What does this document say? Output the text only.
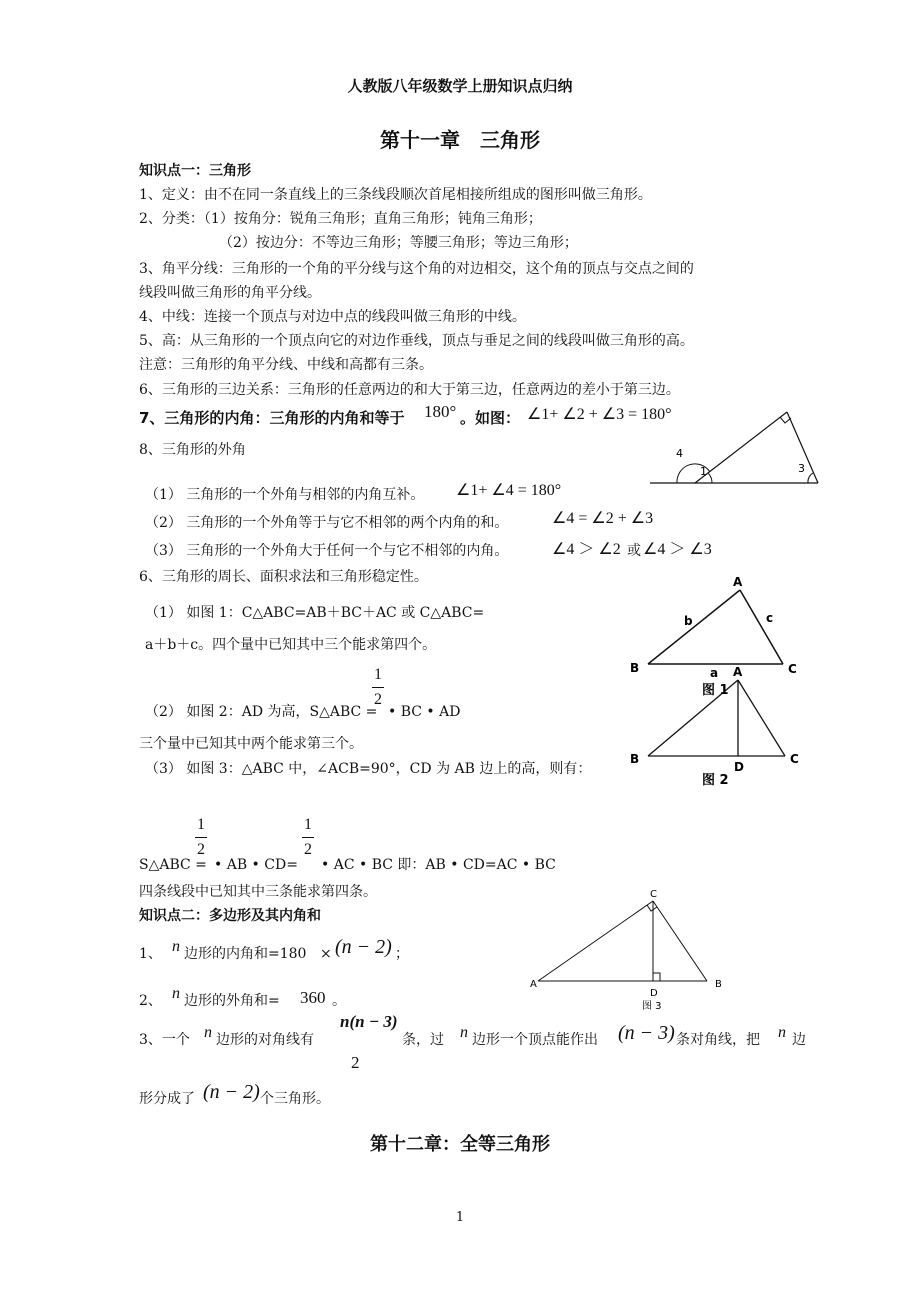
人教版八年级数学上册知识点归纳
第十一章　三角形
知识点一：三角形
1、定义：由不在同一条直线上的三条线段顺次首尾相接所组成的图形叫做三角形。
2、分类：（1）按角分：锐角三角形；直角三角形；钝角三角形；
（2）按边分：不等边三角形；等腰三角形；等边三角形；
3、角平分线：三角形的一个角的平分线与这个角的对边相交，这个角的顶点与交点之间的
线段叫做三角形的角平分线。
4、中线：连接一个顶点与对边中点的线段叫做三角形的中线。
5、高：从三角形的一个顶点向它的对边作垂线，顶点与垂足之间的线段叫做三角形的高。
注意：三角形的角平分线、中线和高都有三条。
6、三角形的三边关系：三角形的任意两边的和大于第三边，任意两边的差小于第三边。
7、三角形的内角：三角形的内角和等于 180° 。如图： ∠1+ ∠2 + ∠3 = 180°
8、三角形的外角
（1） 三角形的一个外角与相邻的内角互补。 ∠1+ ∠4 = 180°
（2） 三角形的一个外角等于与它不相邻的两个内角的和。	∠4 = ∠2 + ∠3
（3） 三角形的一个外角大于任何一个与它不相邻的内角。	∠4 ＞ ∠2 或 ∠4 ＞ ∠3
6、三角形的周长、面积求法和三角形稳定性。
（1） 如图 1：C△ABC=AB＋BC＋AC 或 C△ABC=
a＋b＋c。四个量中已知其中三个能求第四个。
（2） 如图 2：AD 为高，S△ABC =
1
2
• BC • AD
三个量中已知其中两个能求第三个。
（3） 如图 3：△ABC 中，∠ACB=90°，CD 为 AB 边上的高，则有：
S△ABC =
1
2
• AB • CD=
1
2
• AC • BC 即：AB • CD=AC • BC
四条线段中已知其中三条能求第四条。
知识点二：多边形及其内角和
1、 n 边形的内角和=180 × (n − 2) ；
2、 n 边形的外角和= 360 。
3、一个 n 边形的对角线有
n(n − 3)
2
条，过 n 边形一个顶点能作出 (n − 3) 条对角线，把 n 边
形分成了 (n − 2) 个三角形。
第十二章：全等三角形
1
4
1	3
A
B	C
b	c
a
图 1
A
B	C
D
图 2
C
A	B
D
图 3
